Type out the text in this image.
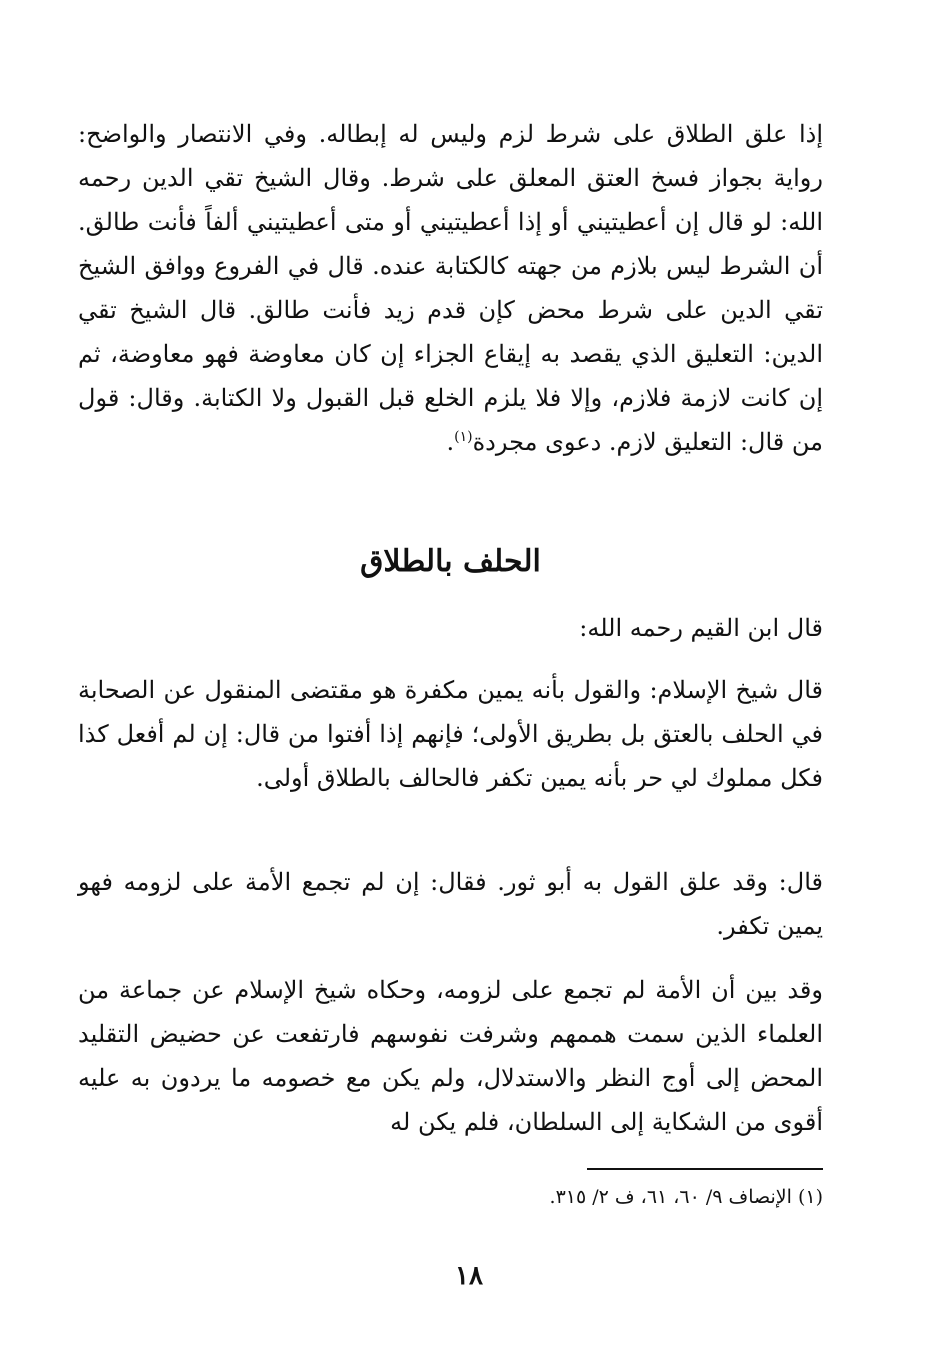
إذا علق الطلاق على شرط لزم وليس له إبطاله. وفي الانتصار والواضح: رواية بجواز فسخ العتق المعلق على شرط. وقال الشيخ تقي الدين رحمه الله: لو قال إن أعطيتيني أو إذا أعطيتيني أو متى أعطيتيني ألفاً فأنت طالق. أن الشرط ليس بلازم من جهته كالكتابة عنده. قال في الفروع ووافق الشيخ تقي الدين على شرط محض كإن قدم زيد فأنت طالق. قال الشيخ تقي الدين: التعليق الذي يقصد به إيقاع الجزاء إن كان معاوضة فهو معاوضة، ثم إن كانت لازمة فلازم، وإلا فلا يلزم الخلع قبل القبول ولا الكتابة. وقال: قول من قال: التعليق لازم. دعوى مجردة$^{(١)}$.

الحلف بالطلاق

قال ابن القيم رحمه الله:

قال شيخ الإسلام: والقول بأنه يمين مكفرة هو مقتضى المنقول عن الصحابة في الحلف بالعتق بل بطريق الأولى؛ فإنهم إذا أفتوا من قال: إن لم أفعل كذا فكل مملوك لي حر بأنه يمين تكفر فالحالف بالطلاق أولى.

قال: وقد علق القول به أبو ثور. فقال: إن لم تجمع الأمة على لزومه فهو يمين تكفر.

وقد بين أن الأمة لم تجمع على لزومه، وحكاه شيخ الإسلام عن جماعة من العلماء الذين سمت هممهم وشرفت نفوسهم فارتفعت عن حضيض التقليد المحض إلى أوج النظر والاستدلال، ولم يكن مع خصومه ما يردون به عليه أقوى من الشكاية إلى السلطان، فلم يكن له

(١) الإنصاف ٩/ ٦٠، ٦١، ف ٢/ ٣١٥.

١٨
